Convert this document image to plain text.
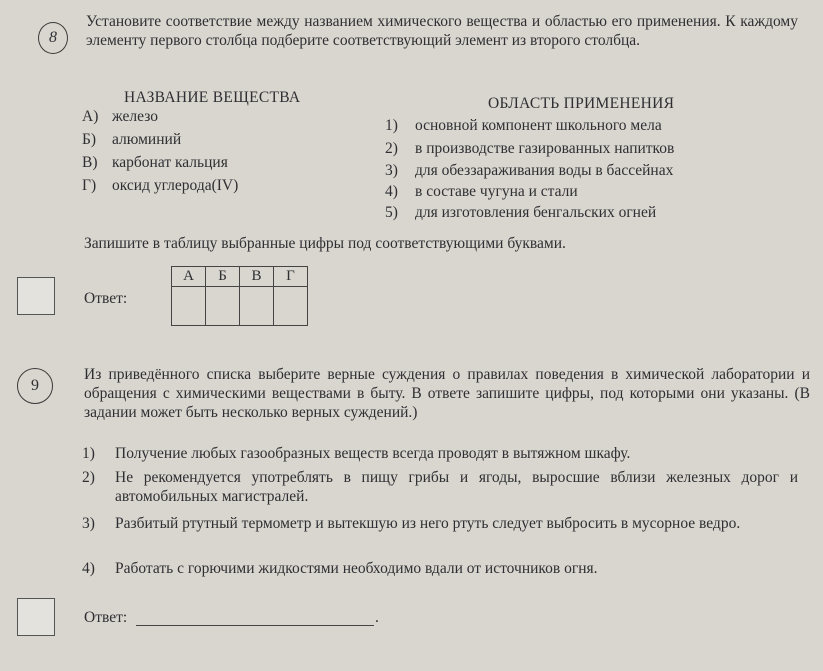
8
Установите соответствие между названием химического вещества и областью его применения. К каждому элементу первого столбца подберите соответствующий элемент из второго столбца.
НАЗВАНИЕ ВЕЩЕСТВА	ОБЛАСТЬ ПРИМЕНЕНИЯ
А) железо
Б) алюминий
В) карбонат кальция
Г) оксид углерода(IV)
1) основной компонент школьного мела
2) в производстве газированных напитков
3) для обеззараживания воды в бассейнах
4) в составе чугуна и стали
5) для изготовления бенгальских огней
Запишите в таблицу выбранные цифры под соответствующими буквами.
Ответ:
А	Б	В	Г

9
Из приведённого списка выберите верные суждения о правилах поведения в химической лаборатории и обращения с химическими веществами в быту. В ответе запишите цифры, под которыми они указаны. (В задании может быть несколько верных суждений.)
1) Получение любых газообразных веществ всегда проводят в вытяжном шкафу.
2) Не рекомендуется употреблять в пищу грибы и ягоды, выросшие вблизи железных дорог и автомобильных магистралей.
3) Разбитый ртутный термометр и вытекшую из него ртуть следует выбросить в мусорное ведро.
4) Работать с горючими жидкостями необходимо вдали от источников огня.
Ответ:	.
